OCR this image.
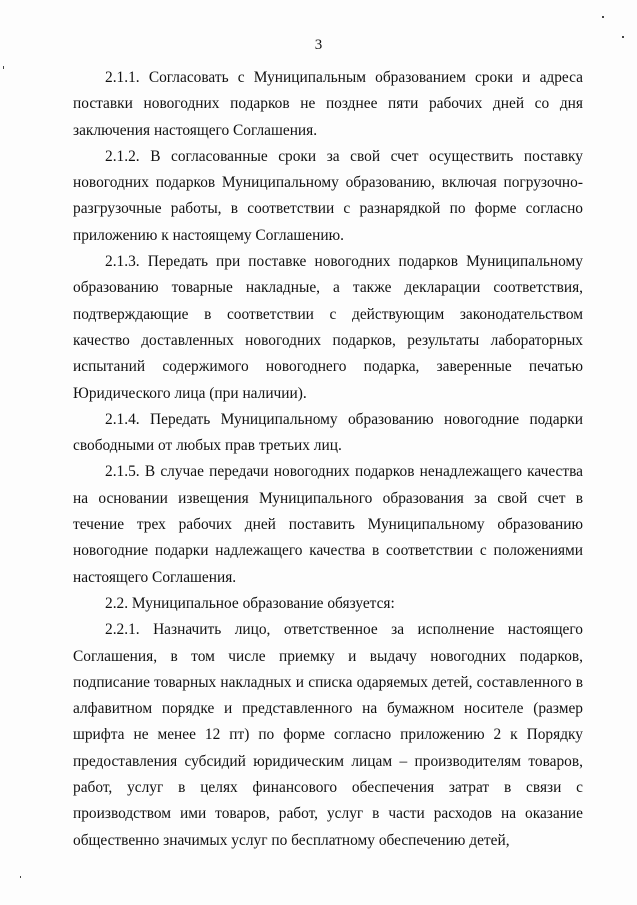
3

2.1.1. Согласовать с Муниципальным образованием сроки и адреса поставки новогодних подарков не позднее пяти рабочих дней со дня заключения настоящего Соглашения.

2.1.2. В согласованные сроки за свой счет осуществить поставку новогодних подарков Муниципальному образованию, включая погрузочно-разгрузочные работы, в соответствии с разнарядкой по форме согласно приложению к настоящему Соглашению.

2.1.3. Передать при поставке новогодних подарков Муниципальному образованию товарные накладные, а также декларации соответствия, подтверждающие в соответствии с действующим законодательством качество доставленных новогодних подарков, результаты лабораторных испытаний содержимого новогоднего подарка, заверенные печатью Юридического лица (при наличии).

2.1.4. Передать Муниципальному образованию новогодние подарки свободными от любых прав третьих лиц.

2.1.5. В случае передачи новогодних подарков ненадлежащего качества на основании извещения Муниципального образования за свой счет в течение трех рабочих дней поставить Муниципальному образованию новогодние подарки надлежащего качества в соответствии с положениями настоящего Соглашения.

2.2. Муниципальное образование обязуется:

2.2.1. Назначить лицо, ответственное за исполнение настоящего Соглашения, в том числе приемку и выдачу новогодних подарков, подписание товарных накладных и списка одаряемых детей, составленного в алфавитном порядке и представленного на бумажном носителе (размер шрифта не менее 12 пт) по форме согласно приложению 2 к Порядку предоставления субсидий юридическим лицам – производителям товаров, работ, услуг в целях финансового обеспечения затрат в связи с производством ими товаров, работ, услуг в части расходов на оказание общественно значимых услуг по бесплатному обеспечению детей,
